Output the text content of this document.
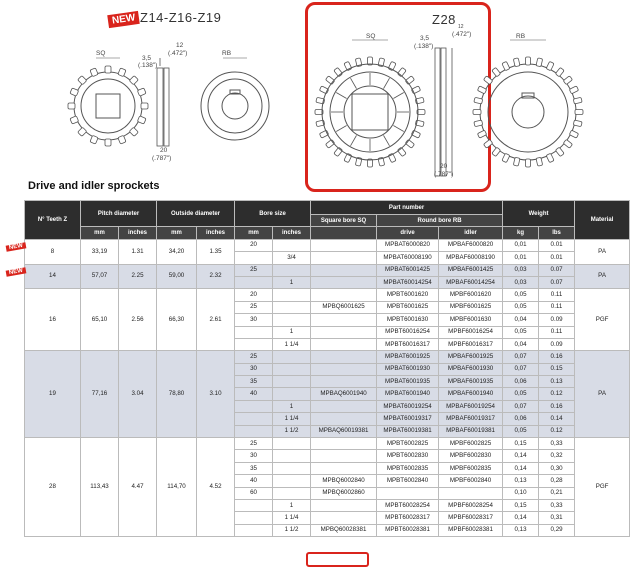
NEW Z14-Z16-Z19
SQ	RB
3,5
(.138")
12
(.472")
20
(.787")
Z28
SQ	RB
3,5
(.138")
12
(.472")
20
(.787")
Drive and idler sprockets
N° Teeth Z	Pitch diameter		Outside diameter		Bore size		Part number			Weight		Material
							Square bore SQ	Round bore RB				
	mm	inches	mm	inches	mm	inches		drive	idler	kg	lbs	
8	33,19	1.31	34,20	1.35	20			MPBAT6000820	MPBAF6000820	0,01	0.01	PA
						3/4		MPBAT60008190	MPBAF60008190	0,01	0.01	
14	57,07	2.25	59,00	2.32	25			MPBAT6001425	MPBAF6001425	0,03	0.07	PA
						1		MPBAT60014254	MPBAF60014254	0,03	0.07	
16	65,10	2.56	66,30	2.61	20			MPBT6001620	MPBF6001620	0,05	0.11	PGF
					25		MPBQ6001625	MPBT6001625	MPBF6001625	0,05	0.11	
					30			MPBT6001630	MPBF6001630	0,04	0.09	
						1		MPBT60016254	MPBF60016254	0,05	0.11	
						1 1/4		MPBT60016317	MPBF60016317	0,04	0.09	
19	77,16	3.04	78,80	3.10	25			MPBAT6001925	MPBAF6001925	0,07	0.16	PA
					30			MPBAT6001930	MPBAF6001930	0,07	0.15	
					35			MPBAT6001935	MPBAF6001935	0,06	0.13	
					40		MPBAQ6001940	MPBAT6001940	MPBAF6001940	0,05	0.12	
						1		MPBAT60019254	MPBAF60019254	0,07	0.16	
						1 1/4		MPBAT60019317	MPBAF60019317	0,06	0.14	
						1 1/2	MPBAQ60019381	MPBAT60019381	MPBAF60019381	0,05	0.12	
28	113,43	4.47	114,70	4.52	25			MPBT6002825	MPBF6002825	0,15	0,33	PGF
					30			MPBT6002830	MPBF6002830	0,14	0,32	
					35			MPBT6002835	MPBF6002835	0,14	0,30	
					40		MPBQ6002840	MPBT6002840	MPBF6002840	0,13	0,28	
					60		MPBQ6002860			0,10	0,21	
						1		MPBT60028254	MPBF60028254	0,15	0,33	
						1 1/4		MPBT60028317	MPBF60028317	0,14	0,31	
						1 1/2	MPBQ60028381	MPBT60028381	MPBF60028381	0,13	0,29	
NEW
NEW
